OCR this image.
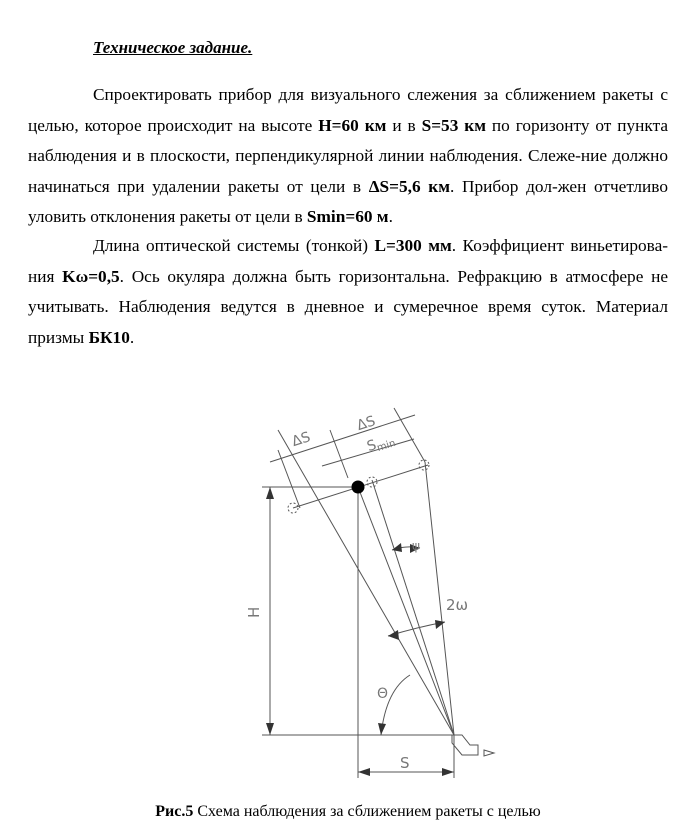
Техническое задание.

Спроектировать прибор для визуального слежения за сближением ракеты с целью, которое происходит на высоте H=60 км и в S=53 км по горизонту от пункта наблюдения и в плоскости, перпендикулярной линии наблюдения. Слеже-ние должно начинаться при удалении ракеты от цели в ΔS=5,6 км. Прибор дол-жен отчетливо уловить отклонения ракеты от цели в Smin=60 м.

Длина оптической системы (тонкой) L=300 мм. Коэффициент виньетирова-ния Kω=0,5. Ось окуляра должна быть горизонтальна. Рефракцию в атмосфере не учитывать. Наблюдения ведутся в дневное и сумеречное время суток. Материал призмы БК10.

ΔS
ΔS
$S_{min}$
ψ
2ω
Θ
H
S

Рис.5 Схема наблюдения за сближением ракеты с целью
